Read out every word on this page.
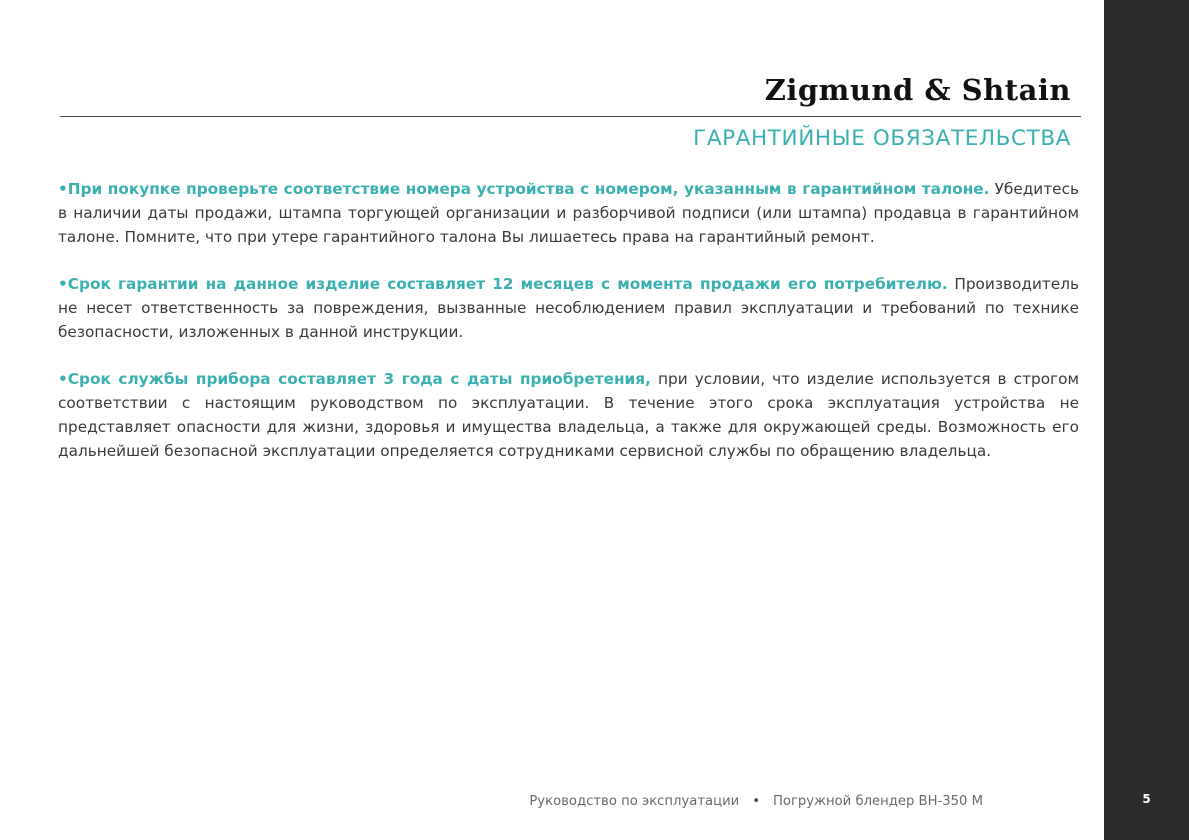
Zigmund & Shtain
ГАРАНТИЙНЫЕ ОБЯЗАТЕЛЬСТВА

•При покупке проверьте соответствие номера устройства с номером, указанным в гарантийном талоне. Убедитесь в наличии даты продажи, штампа торгующей организации и разборчивой подписи (или штампа) продавца в гарантийном талоне. Помните, что при утере гарантийного талона Вы лишаетесь права на гарантийный ремонт.

•Срок гарантии на данное изделие составляет 12 месяцев с момента продажи его потребителю. Производитель не несет ответственность за повреждения, вызванные несоблюдением правил эксплуатации и требований по технике безопасности, изложенных в данной инструкции.

•Срок службы прибора составляет 3 года с даты приобретения, при условии, что изделие используется в строгом соответствии с настоящим руководством по эксплуатации. В течение этого срока эксплуатация устройства не представляет опасности для жизни, здоровья и имущества владельца, а также для окружающей среды. Возможность его дальнейшей безопасной эксплуатации определяется сотрудниками сервисной службы по обращению владельца.

Руководство по эксплуатации • Погружной блендер BH-350 M	5
